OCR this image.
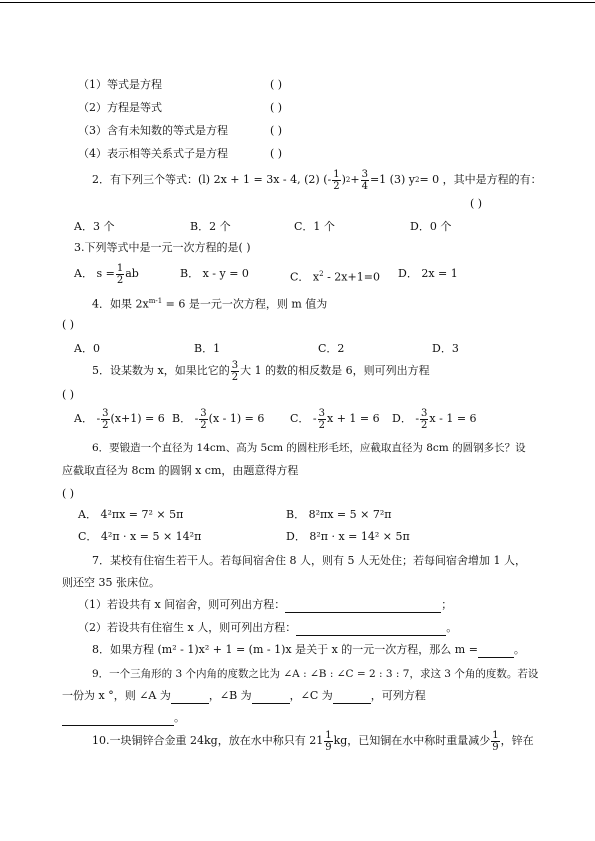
（1）等式是方程	( )
（2）方程是等式	( )
（3）含有未知数的等式是方程	( )
（4）表示相等关系式子是方程	( )
2．有下列三个等式：(l) 2x + 1 = 3x - 4, (2) (- $\frac{1}{2}$ ) $2 + \frac{3}{4} =1$ (3) y 2 = 0 ，其中是方程的有：
( )
A．3 个	B．2 个	C．1 个	D．0 个
3.下列等式中是一元一次方程的是( )
A． $s = \frac{1}{2}$ ab	B． x - y = 0	C． $x^2 - 2x+1=0$ D． 2x = 1
4．如果 $2x^{m-1} = 6$ 是一元一次方程，则 m 值为
( )
A．0	B．1	C．2	D．3
5．设某数为 x，如果比它的 $\frac{3}{2}$ 大 1 的数的相反数是 6，则可列出方程
( )
A． - $\frac{3}{2} (x+1) = 6$ B． - $\frac{3}{2} (x - 1) = 6$ C． - $\frac{3}{2}$ x + 1 = 6 D． - $\frac{3}{2}$ x - 1 = 6
6．要锻造一个直径为 14cm、高为 5cm 的圆柱形毛坯，应截取直径为 8cm 的圆钢多长？设
应截取直径为 8cm 的圆钢 x cm，由题意得方程
( )
A． 4²πx = 7² × 5π	B． 8²πx = 5 × 7²π
C． 4²π · x = 5 × 14²π	D． 8²π · x = 14² × 5π
7．某校有住宿生若干人。若每间宿舍住 8 人，则有 5 人无处住；若每间宿舍增加 1 人，
则还空 35 张床位。
（1）若设共有 x 间宿舍，则可列出方程：	；
（2）若设共有住宿生 x 人，则可列出方程：	。
8．如果方程 (m² - 1)x² + 1 = (m - 1)x 是关于 x 的一元一次方程，那么 m =	。
9．一个三角形的 3 个内角的度数之比为 ∠A : ∠B : ∠C = 2 : 3 : 7，求这 3 个角的度数。若设
一份为 x °，则 ∠A 为	，∠B 为	，∠C 为	，可列方程
。
10.一块铜锌合金重 24kg，放在水中称只有 $21 \frac{1}{9}$ kg，已知铜在水中称时重量减少 $\frac{1}{9}$ ，锌在
